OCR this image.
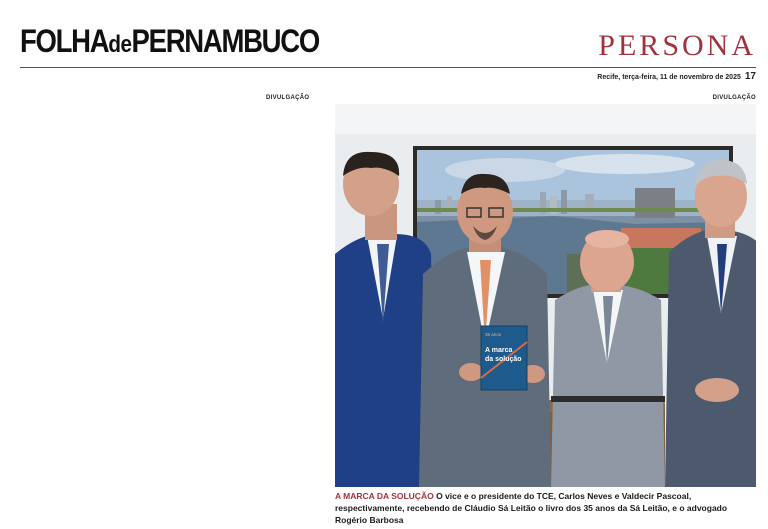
FOLHAdePERNAMBUCO	PERSONA
Recife, terça-feira, 11 de novembro de 2025 17
DIVULGAÇÃO	DIVULGAÇÃO
35 anos
A marca
da solução
A MARCA DA SOLUÇÃO O vice e o presidente do TCE, Carlos Neves e Valdecir Pascoal, respectivamente, recebendo de Cláudio Sá Leitão o livro dos 35 anos da Sá Leitão, e o advogado Rogério Barbosa
